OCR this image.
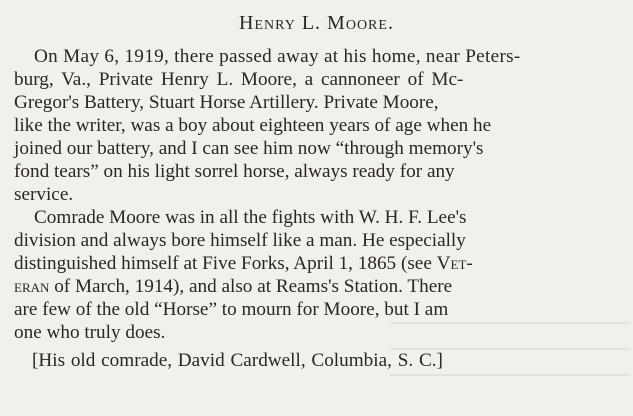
Henry L. Moore.
On May 6, 1919, there passed away at his home, near Peters-
burg, Va., Private Henry L. Moore, a cannoneer of Mc-
Gregor's Battery, Stuart Horse Artillery. Private Moore,
like the writer, was a boy about eighteen years of age when he
joined our battery, and I can see him now “through memory's
fond tears” on his light sorrel horse, always ready for any
service.
Comrade Moore was in all the fights with W. H. F. Lee's
division and always bore himself like a man. He especially
distinguished himself at Five Forks, April 1, 1865 (see Vet-
eran of March, 1914), and also at Reams's Station. There
are few of the old “Horse” to mourn for Moore, but I am
one who truly does.
[His old comrade, David Cardwell, Columbia, S. C.]
